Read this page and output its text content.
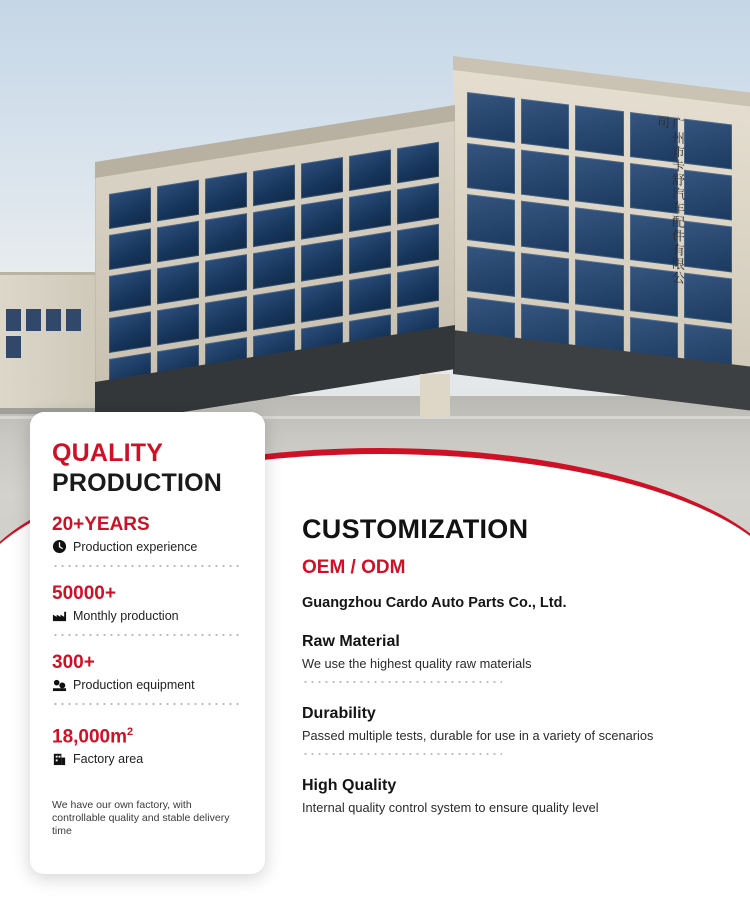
广州市卡舒汽车配件有限公司
QUALITY
PRODUCTION
20+YEARS
Production experience
50000+
Monthly production
300+
Production equipment
$18,000m^2$
Factory area
We have our own factory, with controllable quality and stable delivery time
CUSTOMIZATION
OEM / ODM
Guangzhou Cardo Auto Parts Co., Ltd.
Raw Material
We use the highest quality raw materials
Durability
Passed multiple tests, durable for use in a variety of scenarios
High Quality
Internal quality control system to ensure quality level
